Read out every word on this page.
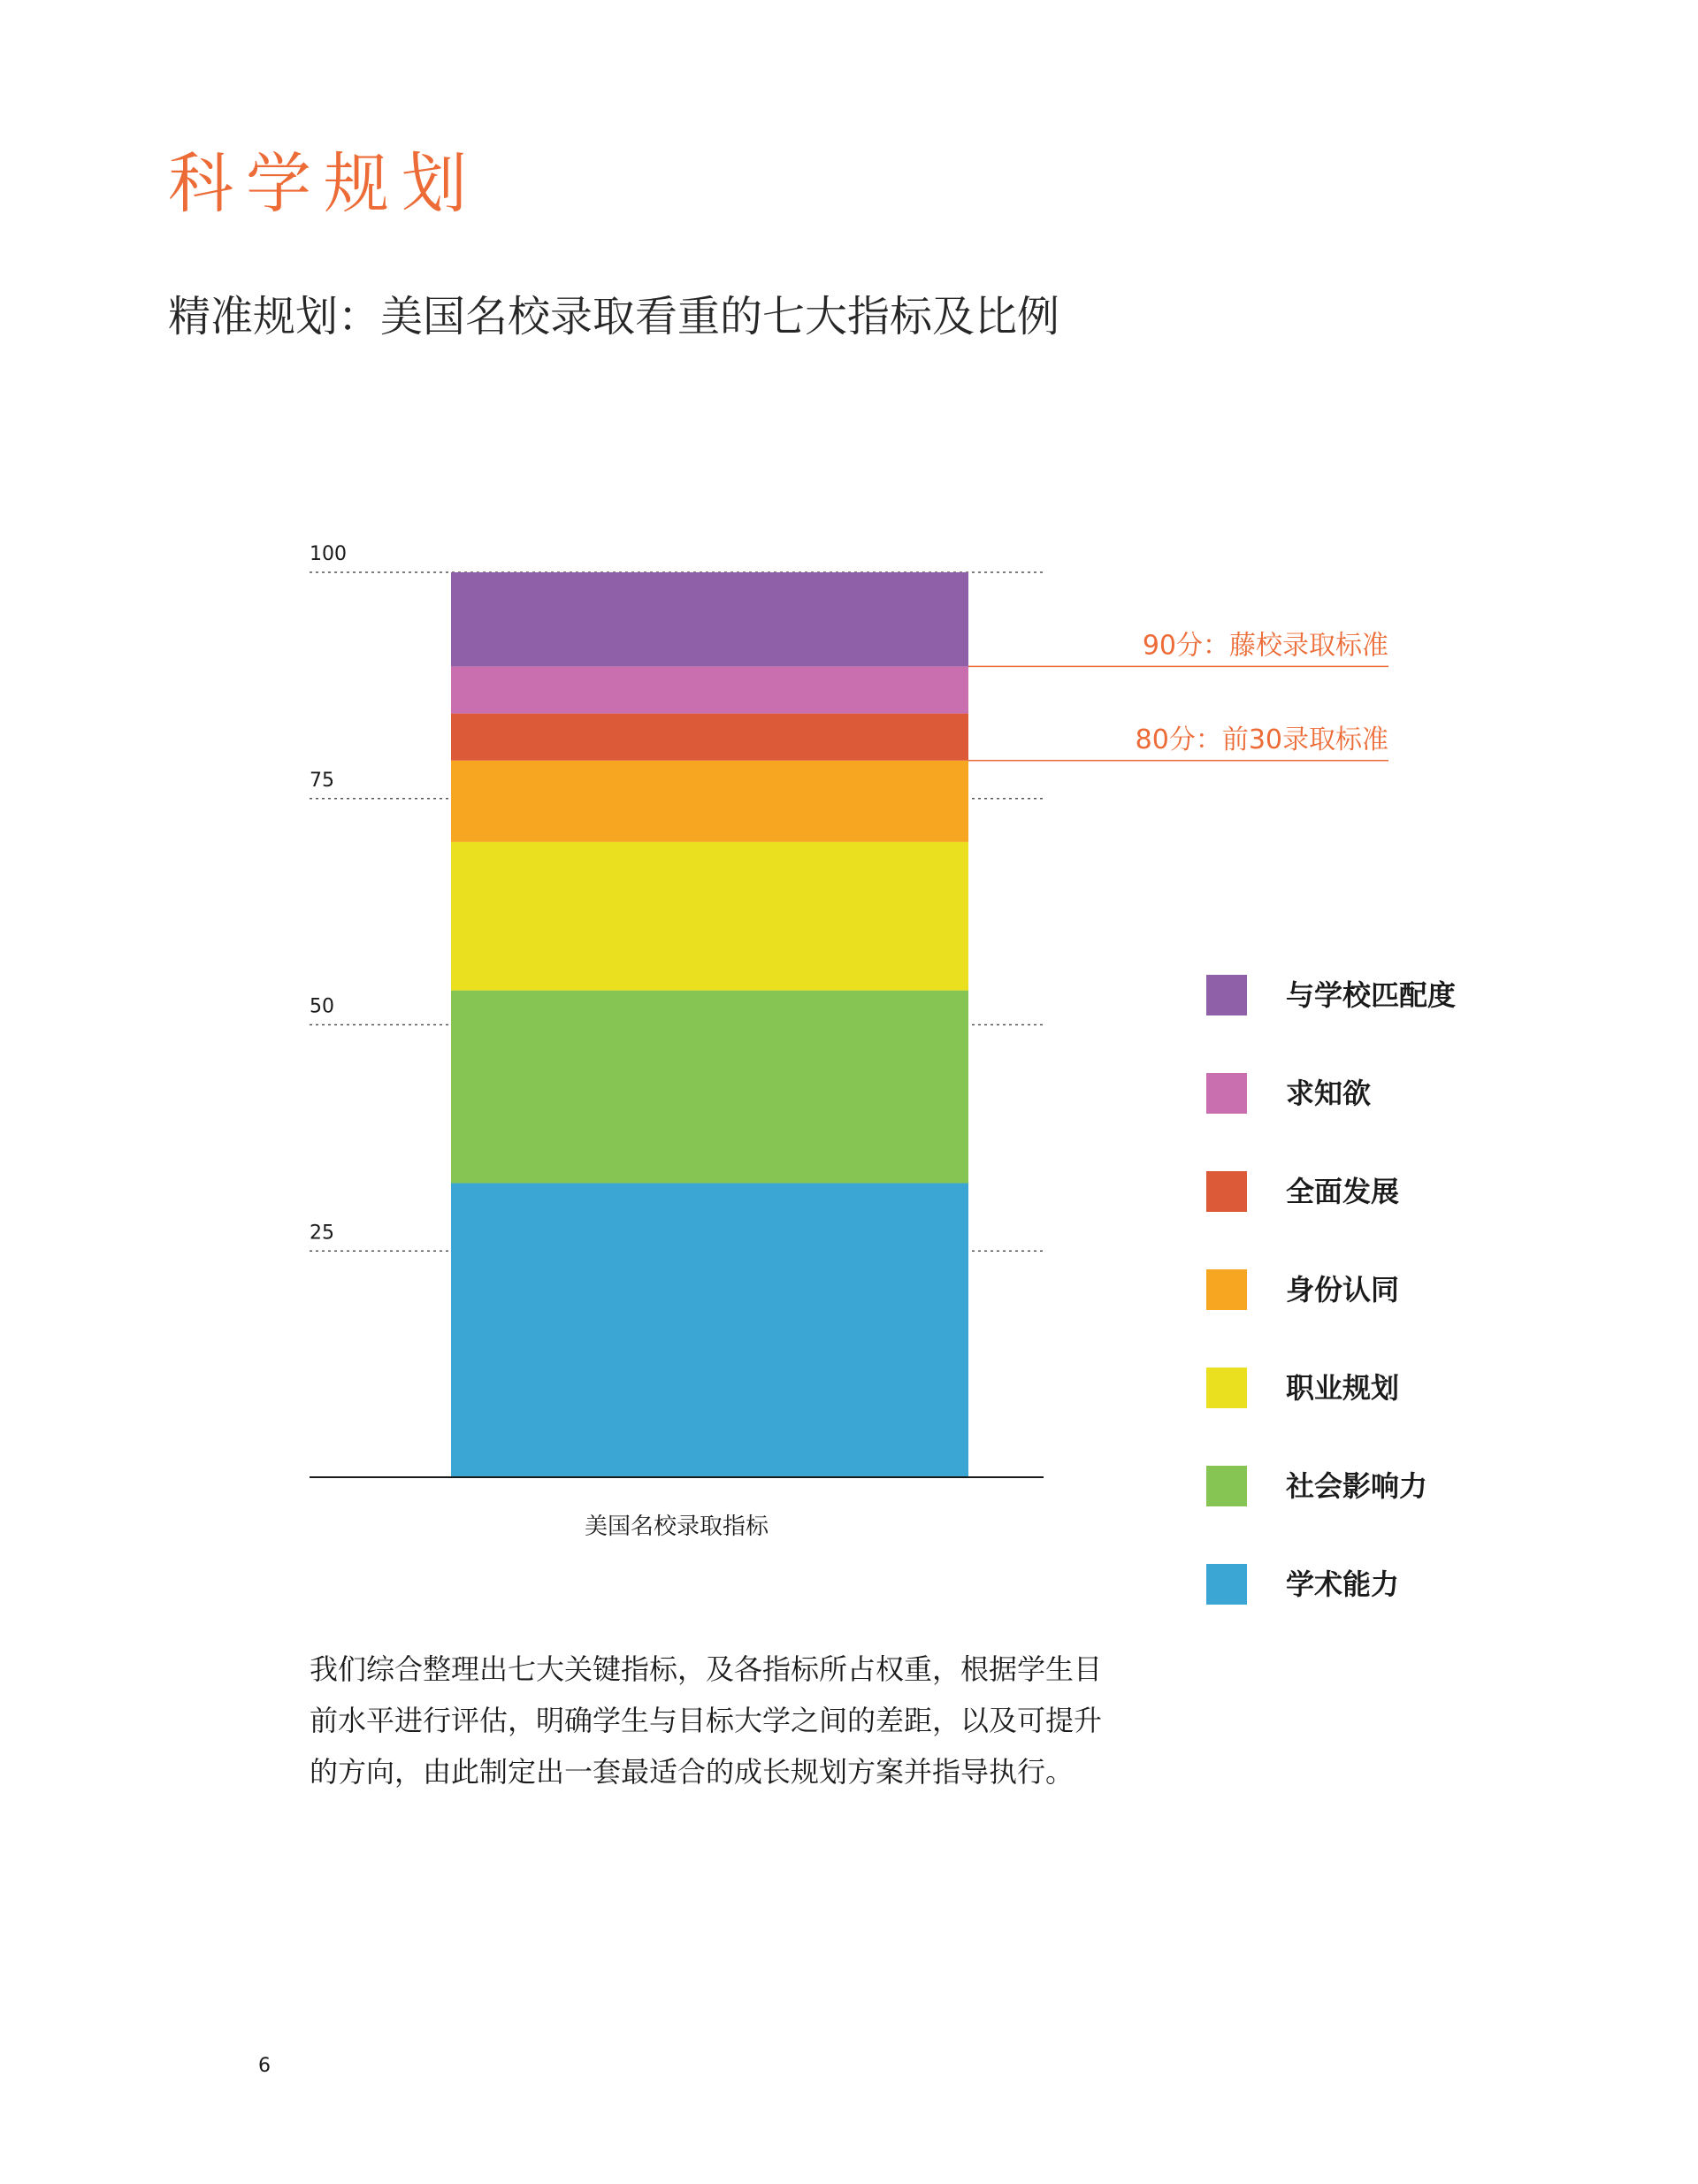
科学规划
精准规划：美国名校录取看重的七大指标及比例
100
75
50
25
美国名校录取指标
90分：藤校录取标准
80分：前30录取标准
与学校匹配度
求知欲
全面发展
身份认同
职业规划
社会影响力
学术能力

我们综合整理出七大关键指标，及各指标所占权重，根据学生目前水平进行评估，明确学生与目标大学之间的差距，以及可提升的方向，由此制定出一套最适合的成长规划方案并指导执行。

6
